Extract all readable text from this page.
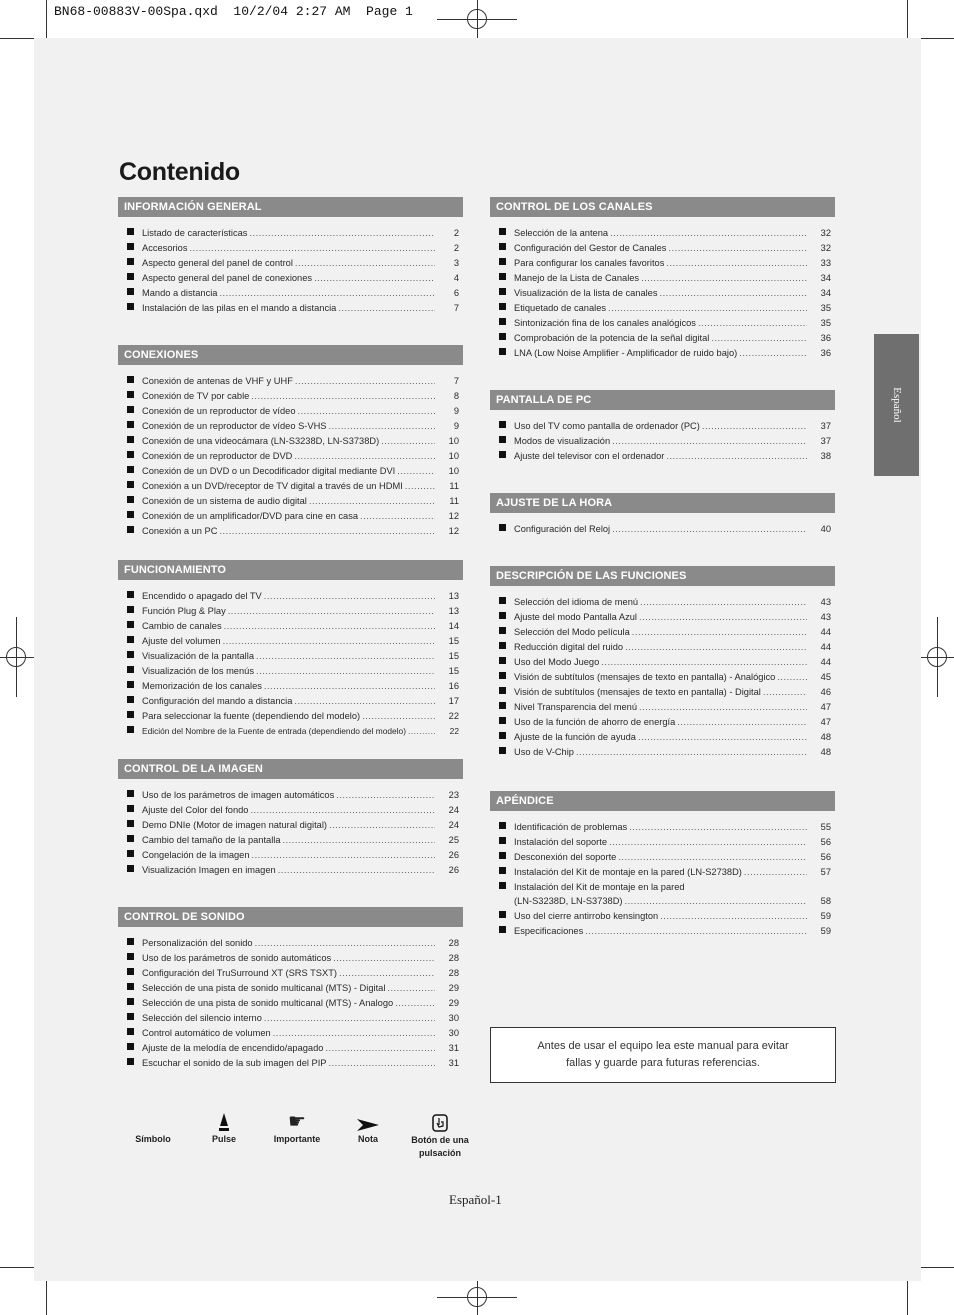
BN68-00883V-00Spa.qxd  10/2/04 2:27 AM  Page 1
Contenido
INFORMACIÓN GENERAL
Listado de características .....	2
Accesorios .....	2
Aspecto general del panel de control .....	3
Aspecto general del panel de conexiones .....	4
Mando a distancia .....	6
Instalación de las pilas en el mando a distancia .....	7
CONEXIONES
Conexión de antenas de VHF y UHF .....	7
Conexión de TV por cable .....	8
Conexión de un reproductor de vídeo .....	9
Conexión de un reproductor de vídeo S-VHS .....	9
Conexión de una videocámara (LN-S3238D, LN-S3738D) .....	10
Conexión de un reproductor de DVD .....	10
Conexión de un DVD o un Decodificador digital mediante DVI .....	10
Conexión a un DVD/receptor de TV digital a través de un HDMI .....	11
Conexión de un sistema de audio digital .....	11
Conexión de un amplificador/DVD para cine en casa .....	12
Conexión a un PC .....	12
FUNCIONAMIENTO
Encendido o apagado del TV .....	13
Función Plug & Play .....	13
Cambio de canales .....	14
Ajuste del volumen .....	15
Visualización de la pantalla .....	15
Visualización de los menús .....	15
Memorización de los canales .....	16
Configuración del mando a distancia .....	17
Para seleccionar la fuente (dependiendo del modelo) .....	22
Edición del Nombre de la Fuente de entrada (dependiendo del modelo) .....	22
CONTROL DE LA IMAGEN
Uso de los parámetros de imagen automáticos .....	23
Ajuste del Color del fondo .....	24
Demo DNIe (Motor de imagen natural digital) .....	24
Cambio del tamaño de la pantalla .....	25
Congelación de la imagen .....	26
Visualización Imagen en imagen .....	26
CONTROL DE SONIDO
Personalización del sonido .....	28
Uso de los parámetros de sonido automáticos .....	28
Configuración del TruSurround XT (SRS TSXT) .....	28
Selección de una pista de sonido multicanal (MTS) - Digital .....	29
Selección de una pista de sonido multicanal (MTS) - Analogo .....	29
Selección del silencio interno .....	30
Control automático de volumen .....	30
Ajuste de la melodía de encendido/apagado .....	31
Escuchar el sonido de la sub imagen del PIP .....	31
CONTROL DE LOS CANALES
Selección de la antena .....	32
Configuración del Gestor de Canales .....	32
Para configurar los canales favoritos .....	33
Manejo de la Lista de Canales .....	34
Visualización de la lista de canales .....	34
Etiquetado de canales .....	35
Sintonización fina de los canales analógicos .....	35
Comprobación de la potencia de la señal digital .....	36
LNA (Low Noise Amplifier - Amplificador de ruido bajo) .....	36
PANTALLA DE PC
Uso del TV como pantalla de ordenador (PC) .....	37
Modos de visualización .....	37
Ajuste del televisor con el ordenador .....	38
AJUSTE DE LA HORA
Configuración del Reloj .....	40
DESCRIPCIÓN DE LAS FUNCIONES
Selección del idioma de menú .....	43
Ajuste del modo Pantalla Azul .....	43
Selección del Modo película .....	44
Reducción digital del ruido .....	44
Uso del Modo Juego .....	44
Visión de subtítulos (mensajes de texto en pantalla) - Analógico .....	45
Visión de subtítulos (mensajes de texto en pantalla) - Digital .....	46
Nivel Transparencia del menú .....	47
Uso de la función de ahorro de energía .....	47
Ajuste de la función de ayuda .....	48
Uso de V-Chip .....	48
APÉNDICE
Identificación de problemas .....	55
Instalación del soporte .....	56
Desconexión del soporte .....	56
Instalación del Kit de montaje en la pared (LN-S2738D) .....	57
Instalación del Kit de montaje en la pared
(LN-S3238D, LN-S3738D) .....	58
Uso del cierre antirrobo kensington .....	59
Especificaciones .....	59
Español
Antes de usar el equipo lea este manual para evitar
fallas y guarde para futuras referencias.
Símbolo	Pulse
☛
Importante	Nota	Botón de una pulsación
Español-1
